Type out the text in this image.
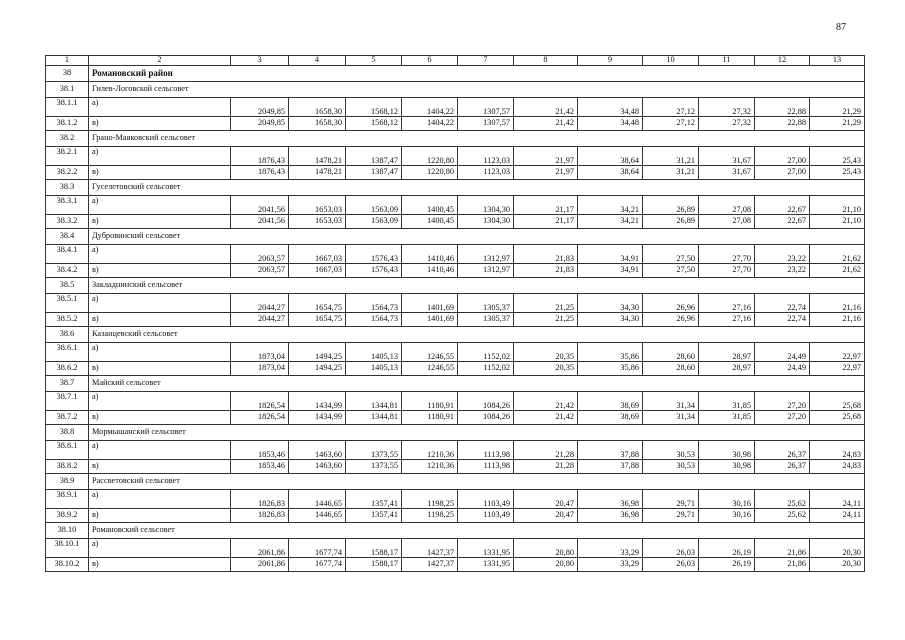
87
1	2	3	4	5	6	7	8	9	10	11	12	13
38	Романовский район											
38.1	Гилев-Логовской сельсовет											
38.1.1	а)	2049,85	1658,30	1568,12	1404,22	1307,57	21,42	34,48	27,12	27,32	22,88	21,29
38.1.2	в)	2049,85	1658,30	1568,12	1404,22	1307,57	21,42	34,48	27,12	27,32	22,88	21,29
38.2	Грано-Маяковский сельсовет											
38.2.1	а)	1876,43	1478,21	1387,47	1220,80	1123,03	21,97	38,64	31,21	31,67	27,00	25,43
38.2.2	в)	1876,43	1478,21	1387,47	1220,80	1123,03	21,97	38,64	31,21	31,67	27,00	25,43
38.3	Гуселетовский сельсовет											
38.3.1	а)	2041,56	1653,03	1563,09	1400,45	1304,30	21,17	34,21	26,89	27,08	22,67	21,10
38.3.2	в)	2041,56	1653,03	1563,09	1400,45	1304,30	21,17	34,21	26,89	27,08	22,67	21,10
38.4	Дубровинский сельсовет											
38.4.1	а)	2063,57	1667,03	1576,43	1410,46	1312,97	21,83	34,91	27,50	27,70	23,22	21,62
38.4.2	в)	2063,57	1667,03	1576,43	1410,46	1312,97	21,83	34,91	27,50	27,70	23,22	21,62
38.5	Закладнинский сельсовет											
38.5.1	а)	2044,27	1654,75	1564,73	1401,69	1305,37	21,25	34,30	26,96	27,16	22,74	21,16
38.5.2	в)	2044,27	1654,75	1564,73	1401,69	1305,37	21,25	34,30	26,96	27,16	22,74	21,16
38.6	Казанцевский сельсовет											
38.6.1	а)	1873,04	1494,25	1405,13	1246,55	1152,02	20,35	35,86	28,60	28,97	24,49	22,97
38.6.2	в)	1873,04	1494,25	1405,13	1246,55	1152,02	20,35	35,86	28,60	28,97	24,49	22,97
38.7	Майский сельсовет											
38.7.1	а)	1826,54	1434,99	1344,81	1180,91	1084,26	21,42	38,69	31,34	31,85	27,20	25,68
38.7.2	в)	1826,54	1434,99	1344,81	1180,91	1084,26	21,42	38,69	31,34	31,85	27,20	25,68
38.8	Мормышанский сельсовет											
38.8.1	а)	1853,46	1463,60	1373,55	1210,36	1113,98	21,28	37,88	30,53	30,98	26,37	24,83
38.8.2	в)	1853,46	1463,60	1373,55	1210,36	1113,98	21,28	37,88	30,53	30,98	26,37	24,83
38.9	Рассветовский сельсовет											
38.9.1	а)	1826,83	1446,65	1357,41	1198,25	1103,49	20,47	36,98	29,71	30,16	25,62	24,11
38.9.2	в)	1826,83	1446,65	1357,41	1198,25	1103,49	20,47	36,98	29,71	30,16	25,62	24,11
38.10	Романовский сельсовет											
38.10.1	а)	2061,86	1677,74	1588,17	1427,37	1331,95	20,80	33,29	26,03	26,19	21,86	20,30
38.10.2	в)	2061,86	1677,74	1588,17	1427,37	1331,95	20,80	33,29	26,03	26,19	21,86	20,30
